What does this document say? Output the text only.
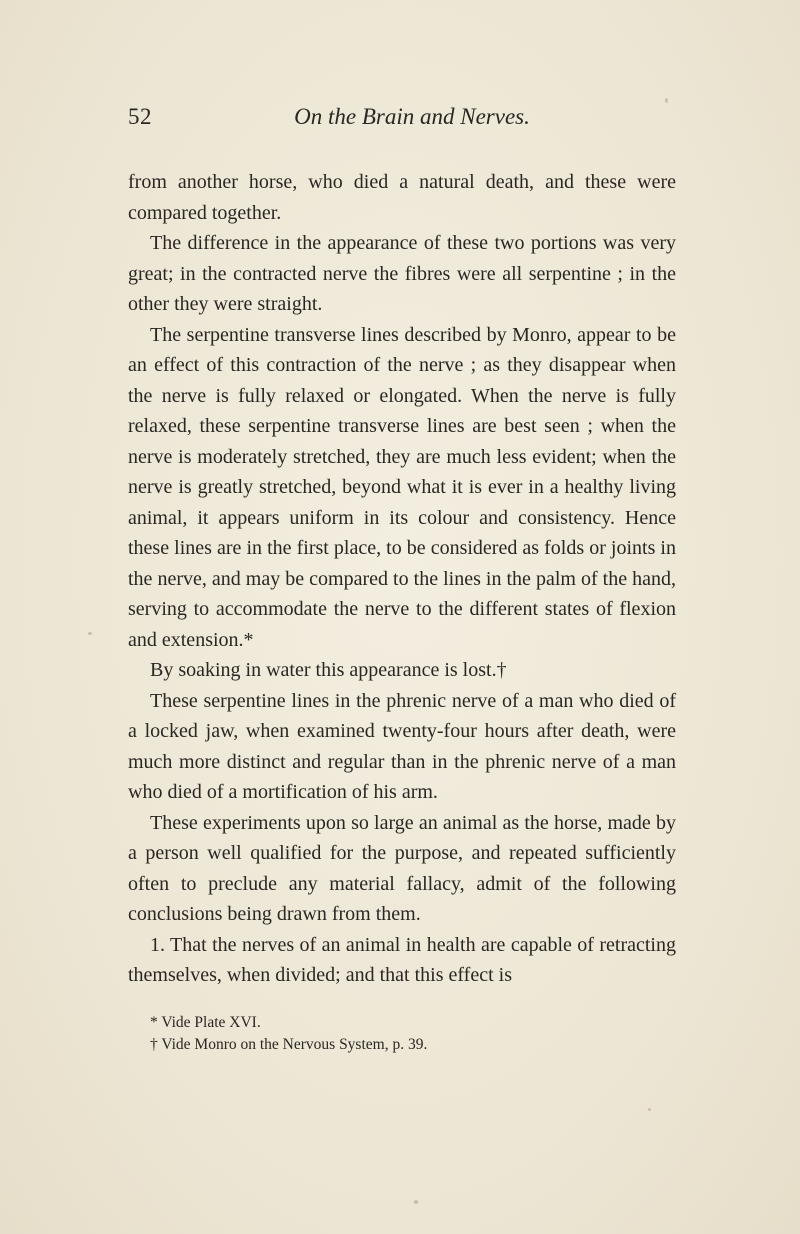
52	On the Brain and Nerves.

from another horse, who died a natural death, and these were compared together.

The difference in the appearance of these two portions was very great; in the contracted nerve the fibres were all serpentine ; in the other they were straight.

The serpentine transverse lines described by Monro, appear to be an effect of this contraction of the nerve ; as they disappear when the nerve is fully relaxed or elongated. When the nerve is fully relaxed, these serpentine transverse lines are best seen ; when the nerve is moderately stretched, they are much less evident; when the nerve is greatly stretched, beyond what it is ever in a healthy living animal, it appears uniform in its colour and consistency. Hence these lines are in the first place, to be considered as folds or joints in the nerve, and may be compared to the lines in the palm of the hand, serving to accommodate the nerve to the different states of flexion and extension.*

By soaking in water this appearance is lost.†

These serpentine lines in the phrenic nerve of a man who died of a locked jaw, when examined twenty-four hours after death, were much more distinct and regular than in the phrenic nerve of a man who died of a mortification of his arm.

These experiments upon so large an animal as the horse, made by a person well qualified for the purpose, and repeated sufficiently often to preclude any material fallacy, admit of the following conclusions being drawn from them.

1. That the nerves of an animal in health are capable of retracting themselves, when divided; and that this effect is

* Vide Plate XVI.

† Vide Monro on the Nervous System, p. 39.
